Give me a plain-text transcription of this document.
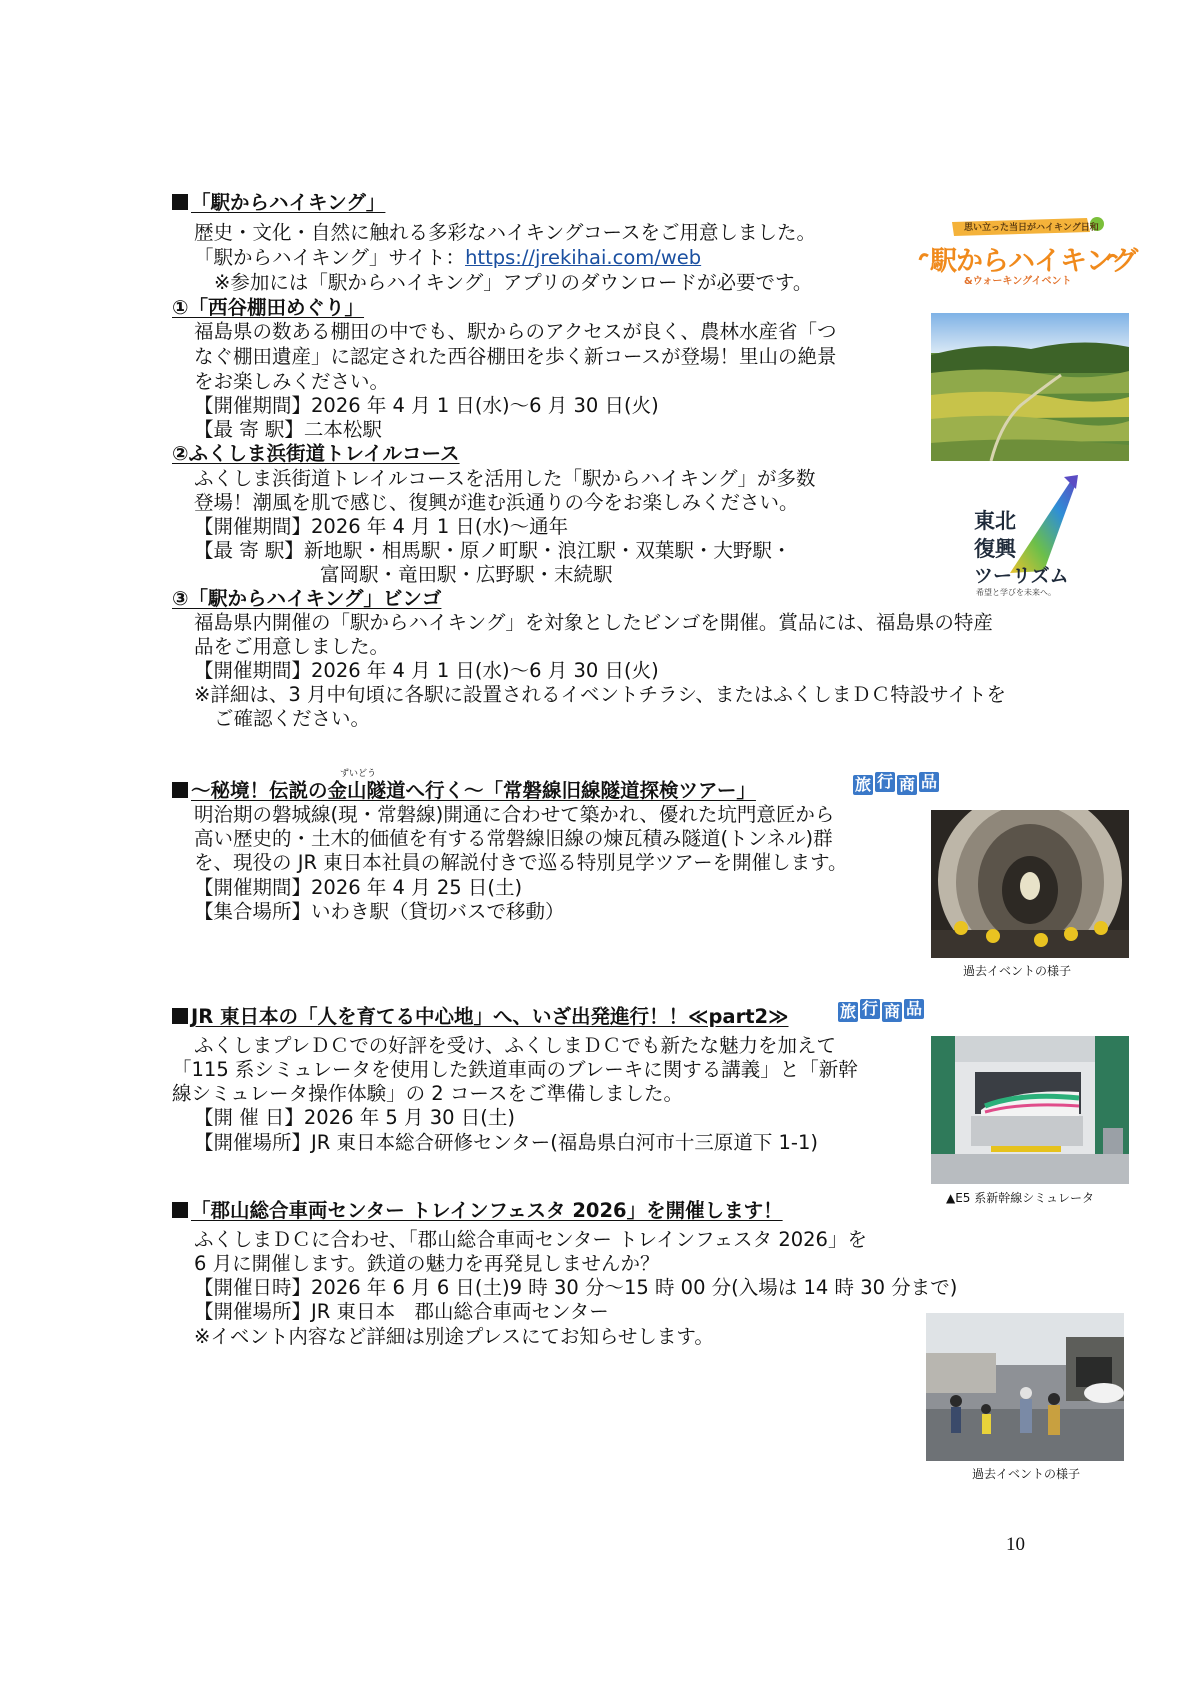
「駅からハイキング」
歴史・文化・自然に触れる多彩なハイキングコースをご用意しました。
「駅からハイキング」サイト：https://jrekihai.com/web
※参加には「駅からハイキング」アプリのダウンロードが必要です。
思い立った当日がハイキング日和
駅からハイキング
&ウォーキングイベント
①「西谷棚田めぐり」
福島県の数ある棚田の中でも、駅からのアクセスが良く、農林水産省「つ
なぐ棚田遺産」に認定された西谷棚田を歩く新コースが登場！里山の絶景
をお楽しみください。
【開催期間】2026 年 4 月 1 日(水)～6 月 30 日(火)
【最 寄 駅】二本松駅
②ふくしま浜街道トレイルコース
ふくしま浜街道トレイルコースを活用した「駅からハイキング」が多数
登場！潮風を肌で感じ、復興が進む浜通りの今をお楽しみください。
【開催期間】2026 年 4 月 1 日(水)～通年
【最 寄 駅】新地駅・相馬駅・原ノ町駅・浪江駅・双葉駅・大野駅・
富岡駅・竜田駅・広野駅・末続駅
東北
復興
ツーリズム
希望と学びを未来へ。
③「駅からハイキング」ビンゴ
福島県内開催の「駅からハイキング」を対象としたビンゴを開催。賞品には、福島県の特産
品をご用意しました。
【開催期間】2026 年 4 月 1 日(水)～6 月 30 日(火)
※詳細は、3 月中旬頃に各駅に設置されるイベントチラシ、またはふくしまＤＣ特設サイトを
ご確認ください。
ずいどう
～秘境！伝説の金山隧道へ行く～「常磐線旧線隧道探検ツアー」	旅 行 商 品
明治期の磐城線(現・常磐線)開通に合わせて築かれ、優れた坑門意匠から
高い歴史的・土木的価値を有する常磐線旧線の煉瓦積み隧道(トンネル)群
を、現役の JR 東日本社員の解説付きで巡る特別見学ツアーを開催します。
【開催期間】2026 年 4 月 25 日(土)
【集合場所】いわき駅（貸切バスで移動）
過去イベントの様子
JR 東日本の「人を育てる中心地」へ、いざ出発進行！！≪part2≫	旅 行 商 品
ふくしまプレＤＣでの好評を受け、ふくしまＤＣでも新たな魅力を加えて
「115 系シミュレータを使用した鉄道車両のブレーキに関する講義」と「新幹
線シミュレータ操作体験」の 2 コースをご準備しました。
【開 催 日】2026 年 5 月 30 日(土)
【開催場所】JR 東日本総合研修センター(福島県白河市十三原道下 1-1)
▲E5 系新幹線シミュレータ
「郡山総合車両センター トレインフェスタ 2026」を開催します！
ふくしまＤＣに合わせ、「郡山総合車両センター トレインフェスタ 2026」を
6 月に開催します。鉄道の魅力を再発見しませんか？
【開催日時】2026 年 6 月 6 日(土)9 時 30 分～15 時 00 分(入場は 14 時 30 分まで)
【開催場所】JR 東日本　郡山総合車両センター
※イベント内容など詳細は別途プレスにてお知らせします。
過去イベントの様子
10
